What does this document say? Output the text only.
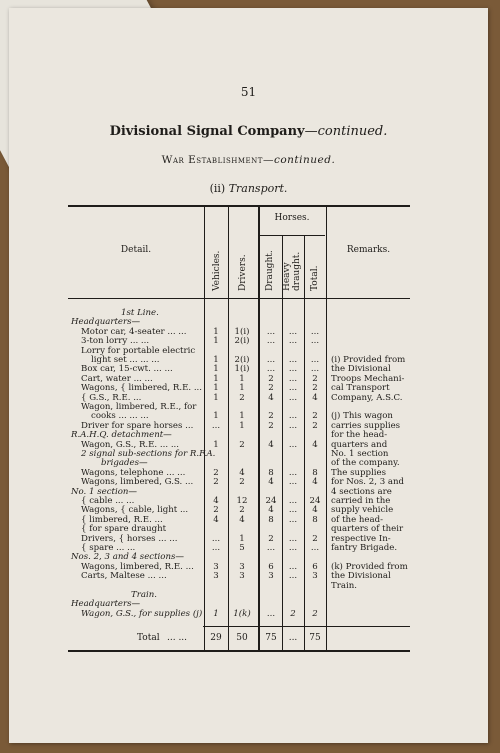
51
Divisional Signal Company—continued.
War Establishment—continued.
(ii) Transport.
Detail.
Vehicles. Drivers.
Horses.
Draught. Heavy draught. Total.
Remarks.
1st Line.
Headquarters—
Motor car, 4-seater ... ...	1	1(i)	...	...	...
3-ton lorry ... ...	1	2(i)	...	...	...
Lorry for portable electric
light set ... ... ...	1	2(i)	...	...	...	(i) Provided from
Box car, 15-cwt. ... ...	1	1(i)	...	...	...	the Divisional
Cart, water ... ...	1	1	2	...	2	Troops Mechani-
Wagons, { limbered, R.E. ...	1	1	2	...	2	cal Transport
{ G.S., R.E. ...	1	2	4	...	4	Company, A.S.C.
Wagon, limbered, R.E., for
cooks ... ... ...	1	1	2	...	2	(j) This wagon
Driver for spare horses ...	...	1	2	...	2	carries supplies
R.A.H.Q. detachment—	for the head-
Wagon, G.S., R.E. ... ...	1	2	4	...	4	quarters and
2 signal sub-sections for R.F.A.	No. 1 section
brigades—	of the company.
Wagons, telephone ... ...	2	4	8	...	8	The supplies
Wagons, limbered, G.S. ...	2	2	4	...	4	for Nos. 2, 3 and
No. 1 section—	4 sections are
{ cable ... ...	4	12	24	...	24	carried in the
Wagons, { cable, light ...	2	2	4	...	4	supply vehicle
{ limbered, R.E. ...	4	4	8	...	8	of the head-
{ for spare draught	quarters of their
Drivers, { horses ... ...	...	1	2	...	2	respective In-
{ spare ... ...	...	5	...	...	...	fantry Brigade.
Nos. 2, 3 and 4 sections—
Wagons, limbered, R.E. ...	3	3	6	...	6	(k) Provided from
Carts, Maltese ... ...	3	3	3	...	3	the Divisional
Train.
Train.
Headquarters—
Wagon, G.S., for supplies (j)	1	1(k)	...	2	2
Total ... ...	29	50	75	...	75
